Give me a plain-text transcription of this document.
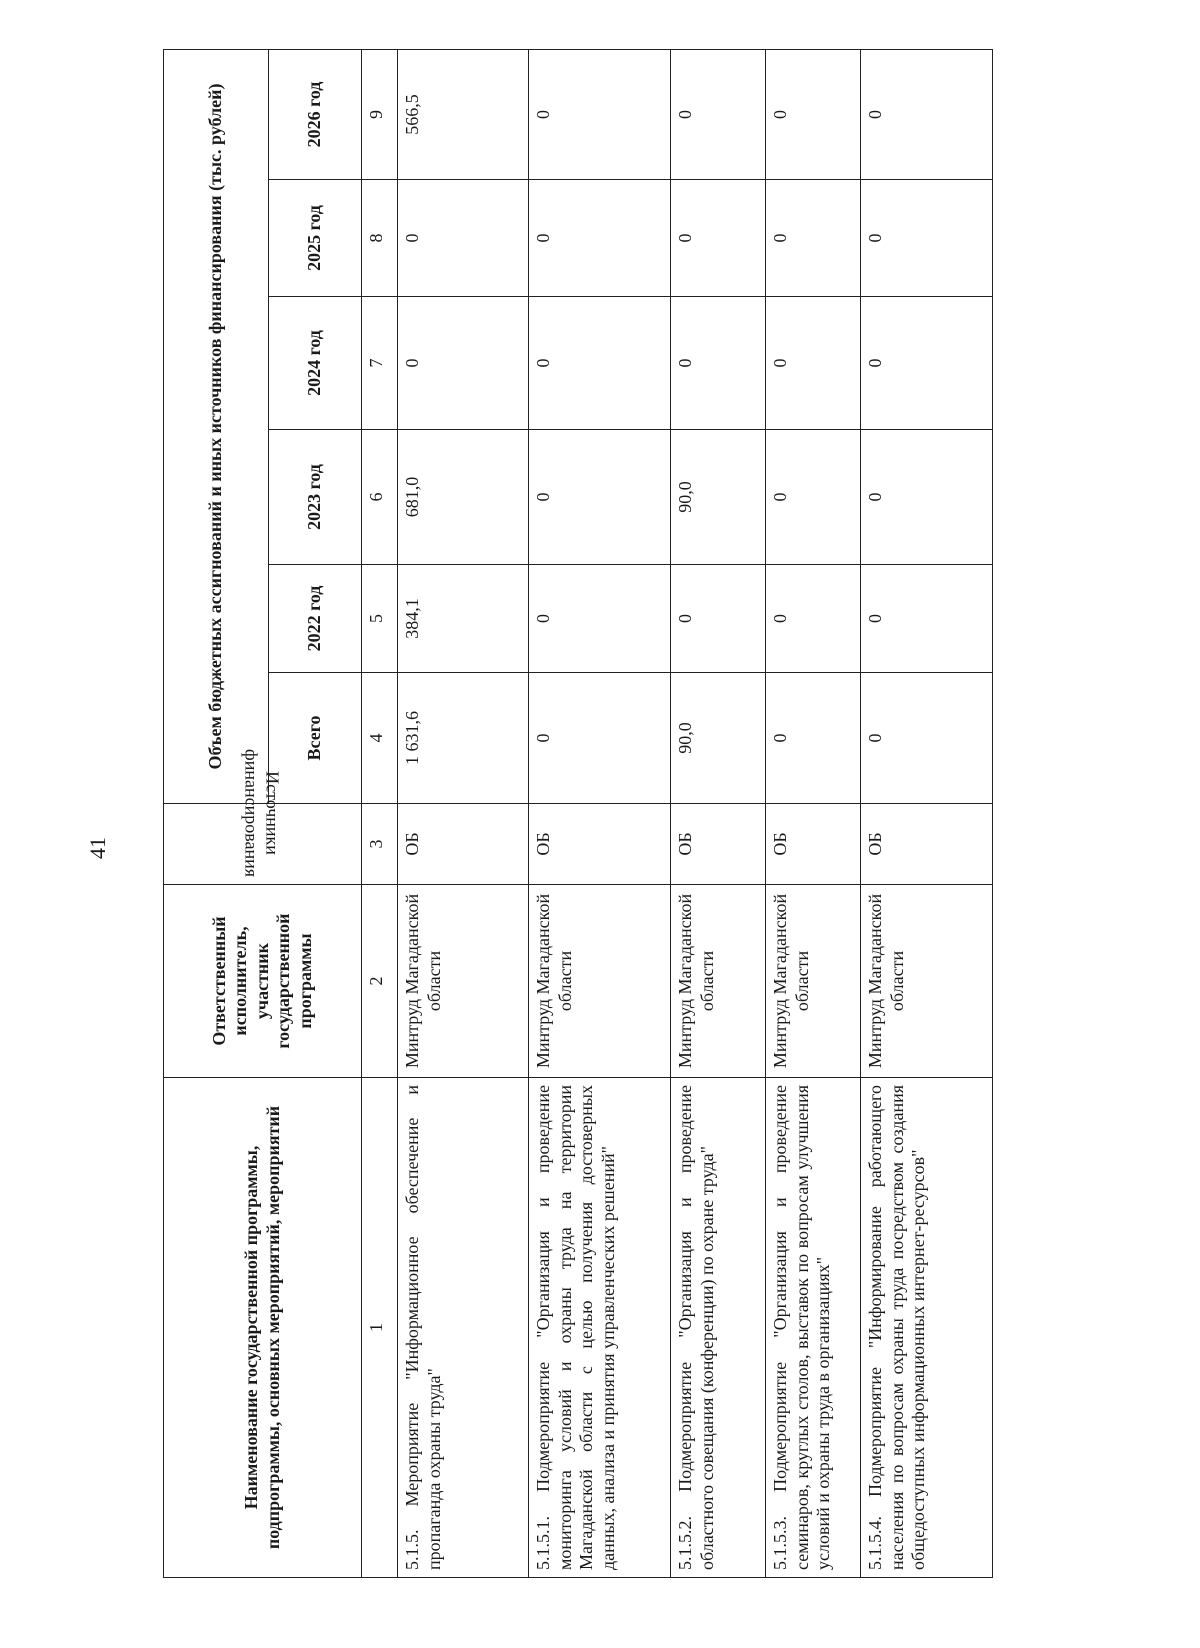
41
Наименование государственной программы, подпрограммы, основных мероприятий, мероприятий	Ответственный исполнитель, участник государственной программы	Источники финансирования	Объем бюджетных ассигнований и иных источников финансирования (тыс. рублей)					
			Всего	2022 год	2023 год	2024 год	2025 год	2026 год
1	2	3	4	5	6	7	8	9
5.1.5. Мероприятие "Информационное обеспечение и пропаганда охраны труда"	Минтруд Магаданской области	ОБ	1 631,6	384,1	681,0	0	0	566,5
5.1.5.1. Подмероприятие "Организация и проведение мониторинга условий и охраны труда на территории Магаданской области с целью получения достоверных данных, анализа и принятия управленческих решений"	Минтруд Магаданской области	ОБ	0	0	0	0	0	0
5.1.5.2. Подмероприятие "Организация и проведение областного совещания (конференции) по охране труда"	Минтруд Магаданской области	ОБ	90,0	0	90,0	0	0	0
5.1.5.3. Подмероприятие "Организация и проведение семинаров, круглых столов, выставок по вопросам улучшения условий и охраны труда в организациях"	Минтруд Магаданской области	ОБ	0	0	0	0	0	0
5.1.5.4. Подмероприятие "Информирование работающего населения по вопросам охраны труда посредством создания общедоступных информационных интернет-ресурсов"	Минтруд Магаданской области	ОБ	0	0	0	0	0	0
